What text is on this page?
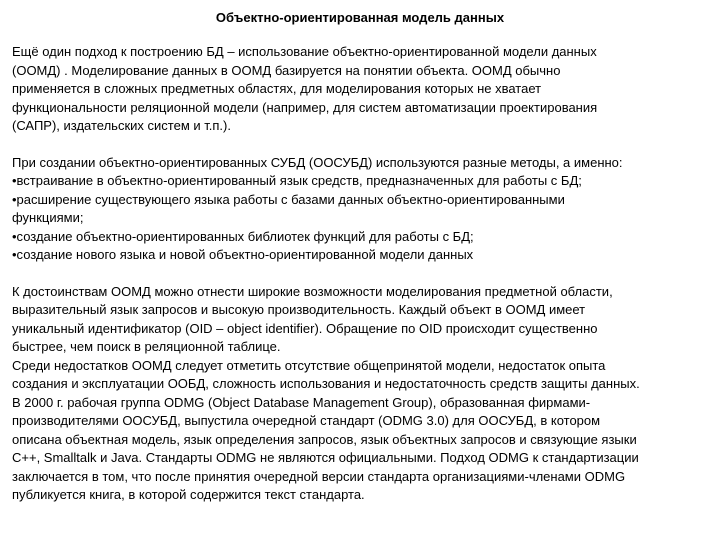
Объектно-ориентированная модель данных
Ещё один подход к построению БД – использование объектно-ориентированной модели данных
(ООМД) . Моделирование данных в ООМД базируется на понятии объекта. ООМД обычно
применяется в сложных предметных областях, для моделирования которых не хватает
функциональности реляционной модели (например, для систем автоматизации проектирования
(САПР), издательских систем и т.п.).
При создании объектно-ориентированных СУБД (ООСУБД) используются разные методы, а именно:
•встраивание в объектно-ориентированный язык средств, предназначенных для работы с БД;
•расширение существующего языка работы с базами данных объектно-ориентированными
функциями;
•создание объектно-ориентированных библиотек функций для работы с БД;
•создание нового языка и новой объектно-ориентированной модели данных
К достоинствам ООМД можно отнести широкие возможности моделирования предметной области,
выразительный язык запросов и высокую производительность. Каждый объект в ООМД имеет
уникальный идентификатор (OID – object identifier). Обращение по OID происходит существенно
быстрее, чем поиск в реляционной таблице.
Среди недостатков ООМД следует отметить отсутствие общепринятой модели, недостаток опыта
создания и эксплуатации ООБД, сложность использования и недостаточность средств защиты данных.
В 2000 г. рабочая группа ODMG (Object Database Management Group), образованная фирмами-
производителями ООСУБД, выпустила очередной стандарт (ODMG 3.0) для ООСУБД, в котором
описана объектная модель, язык определения запросов, язык объектных запросов и связующие языки
C++, Smalltalk и Java. Стандарты ODMG не являются официальными. Подход ODMG к стандартизации
заключается в том, что после принятия очередной версии стандарта организациями-членами ODMG
публикуется книга, в которой содержится текст стандарта.
